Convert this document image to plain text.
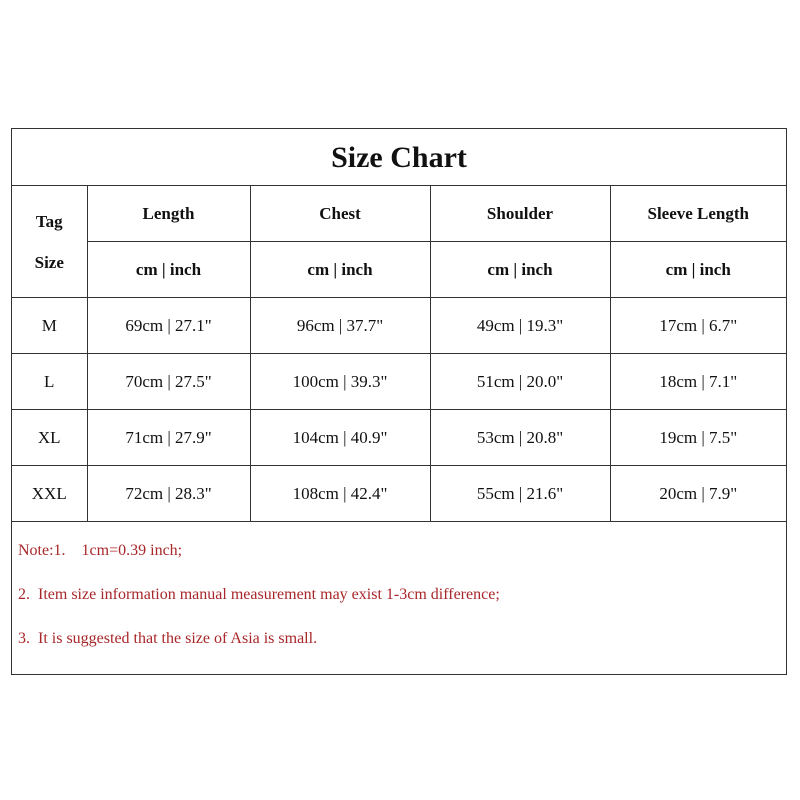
Size Chart
Tag
Size	Length	Chest	Shoulder	Sleeve Length
	cm | inch	cm | inch	cm | inch	cm | inch
M	69cm | 27.1"	96cm | 37.7"	49cm | 19.3"	17cm | 6.7"
L	70cm | 27.5"	100cm | 39.3"	51cm | 20.0"	18cm | 7.1"
XL	71cm | 27.9"	104cm | 40.9"	53cm | 20.8"	19cm | 7.5"
XXL	72cm | 28.3"	108cm | 42.4"	55cm | 21.6"	20cm | 7.9"
Note:1.    1cm=0.39 inch;
2.  Item size information manual measurement may exist 1-3cm difference;
3.  It is suggested that the size of Asia is small.
